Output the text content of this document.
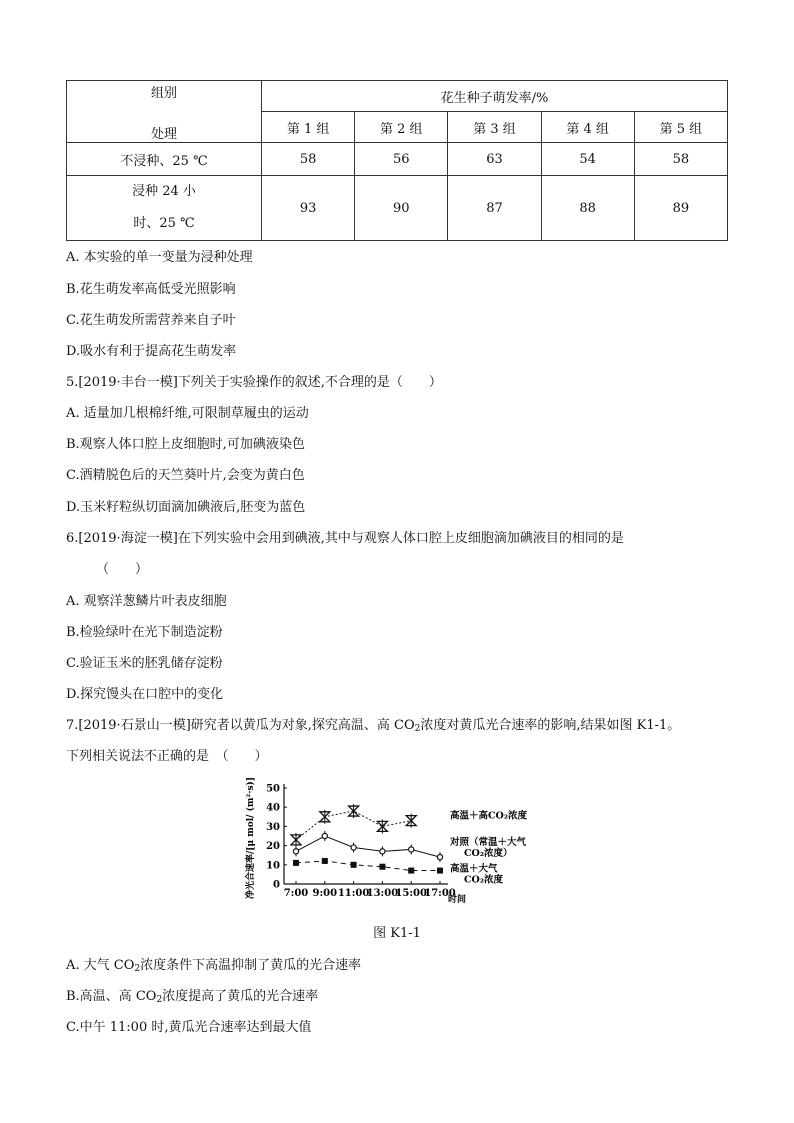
组别
处理	花生种子萌发率/%				
	第 1 组	第 2 组	第 3 组	第 4 组	第 5 组
不浸种、25 ℃	58	56	63	54	58

浸种 24 小
时、25 ℃	93	90	87	88	89
A. 本实验的单一变量为浸种处理
B.花生萌发率高低受光照影响
C.花生萌发所需营养来自子叶
D.吸水有利于提高花生萌发率
5.[2019·丰台一模]下列关于实验操作的叙述,不合理的是（　　）
A. 适量加几根棉纤维,可限制草履虫的运动
B.观察人体口腔上皮细胞时,可加碘液染色
C.酒精脱色后的天竺葵叶片,会变为黄白色
D.玉米籽粒纵切面滴加碘液后,胚变为蓝色
6.[2019·海淀一模]在下列实验中会用到碘液,其中与观察人体口腔上皮细胞滴加碘液目的相同的是
（　　）
A. 观察洋葱鳞片叶表皮细胞
B.检验绿叶在光下制造淀粉
C.验证玉米的胚乳储存淀粉
D.探究馒头在口腔中的变化
7.[2019·石景山一模]研究者以黄瓜为对象,探究高温、高 $CO_2$浓度对黄瓜光合速率的影响,结果如图 K1-1。
下列相关说法不正确的是　（　　）
0
10
20
30
40
50
7:00 9:00 11:00
13:00
15:00
17:00
时间
净光合速率/[μ mol/ (m²·s)]	高温＋高CO₂浓度
对照（常温＋大气
CO₂浓度）
高温＋大气
CO₂浓度
图 K1-1
A. 大气 $CO_2$浓度条件下高温抑制了黄瓜的光合速率
B.高温、高 $CO_2$浓度提高了黄瓜的光合速率
C.中午 11:00 时,黄瓜光合速率达到最大值
